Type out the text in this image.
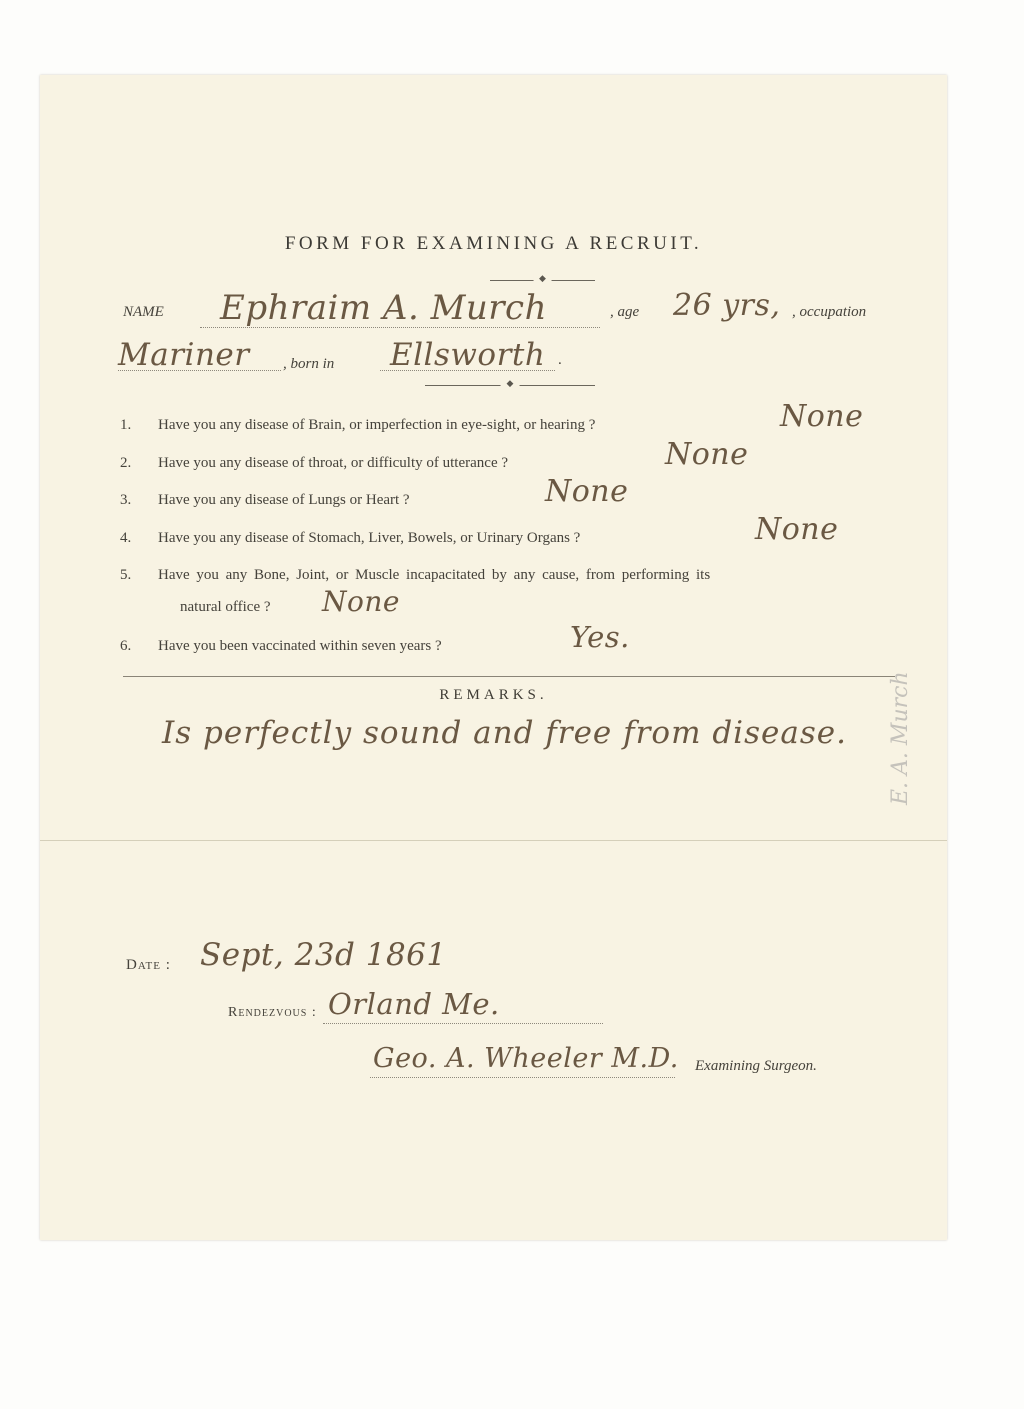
FORM FOR EXAMINING A RECRUIT.
◆
NAME Ephraim A. Murch	, age 26 yrs, , occupation
Mariner , born in Ellsworth .
◆
1. Have you any disease of Brain, or imperfection in eye-sight, or hearing ?	None
2. Have you any disease of throat, or difficulty of utterance ?	None
3. Have you any disease of Lungs or Heart ?	None
4. Have you any disease of Stomach, Liver, Bowels, or Urinary Organs ?	None
5. Have you any Bone, Joint, or Muscle incapacitated by any cause, from performing its
natural office ? None
6. Have you been vaccinated within seven years ?	Yes.
REMARKS.
Is perfectly sound and free from disease.
Date : Sept, 23d 1861
Rendezvous : Orland Me.
Geo. A. Wheeler M.D. Examining Surgeon.
E. A. Murch
